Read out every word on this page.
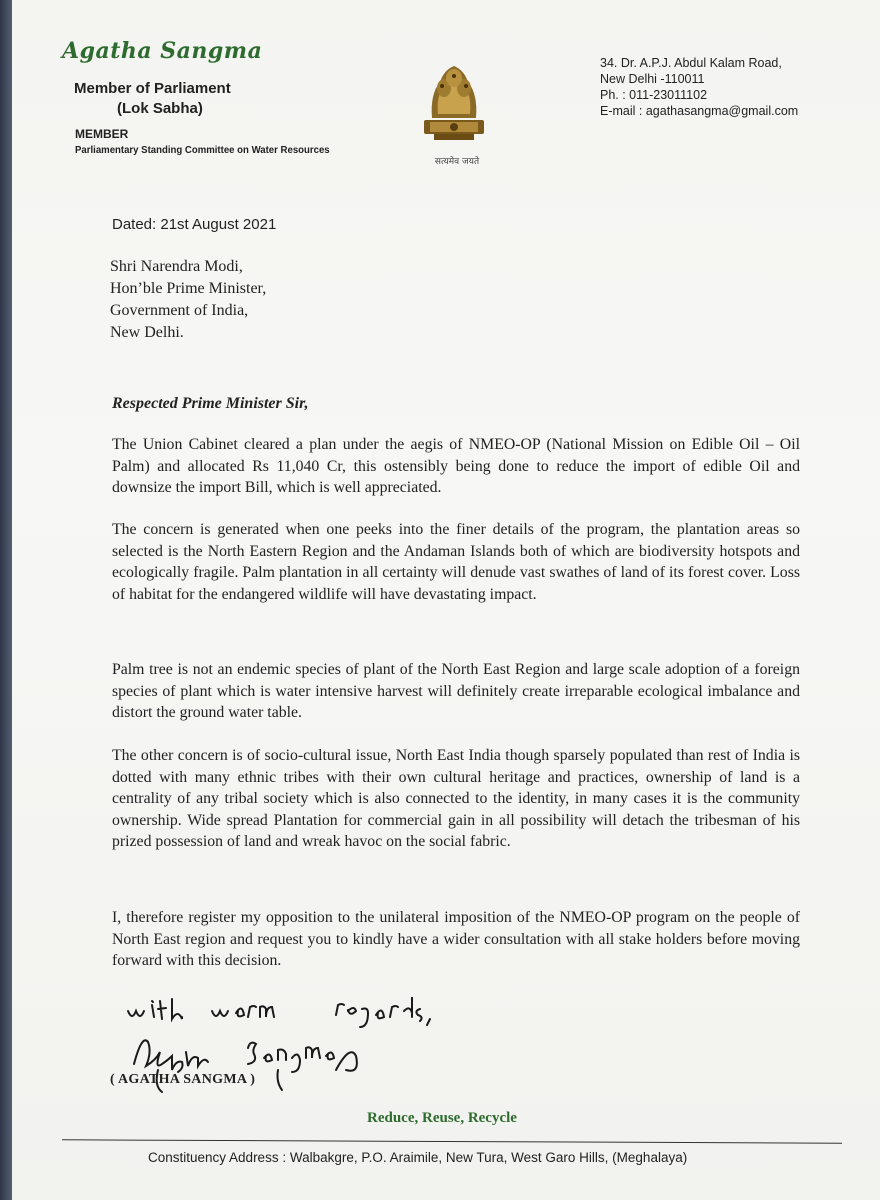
Agatha Sangma
Member of Parliament
(Lok Sabha)
MEMBER
Parliamentary Standing Committee on Water Resources
सत्यमेव जयते
34. Dr. A.P.J. Abdul Kalam Road,
New Delhi -110011
Ph. : 011-23011102
E-mail : agathasangma@gmail.com
Dated: 21st August 2021
Shri Narendra Modi,
Hon’ble Prime Minister,
Government of India,
New Delhi.
Respected Prime Minister Sir,

The Union Cabinet cleared a plan under the aegis of NMEO-OP (National Mission on Edible Oil – Oil Palm) and allocated Rs 11,040 Cr, this ostensibly being done to reduce the import of edible Oil and downsize the import Bill, which is well appreciated.

The concern is generated when one peeks into the finer details of the program, the plantation areas so selected is the North Eastern Region and the Andaman Islands both of which are biodiversity hotspots and ecologically fragile. Palm plantation in all certainty will denude vast swathes of land of its forest cover. Loss of habitat for the endangered wildlife will have devastating impact.

Palm tree is not an endemic species of plant of the North East Region and large scale adoption of a foreign species of plant which is water intensive harvest will definitely create irreparable ecological imbalance and distort the ground water table.

The other concern is of socio-cultural issue, North East India though sparsely populated than rest of India is dotted with many ethnic tribes with their own cultural heritage and practices, ownership of land is a centrality of any tribal society which is also connected to the identity, in many cases it is the community ownership. Wide spread Plantation for commercial gain in all possibility will detach the tribesman of his prized possession of land and wreak havoc on the social fabric.

I, therefore register my opposition to the unilateral imposition of the NMEO-OP program on the people of North East region and request you to kindly have a wider consultation with all stake holders before moving forward with this decision.

( AGATHA SANGMA )
Reduce, Reuse, Recycle
Constituency Address : Walbakgre, P.O. Araimile, New Tura, West Garo Hills, (Meghalaya)
